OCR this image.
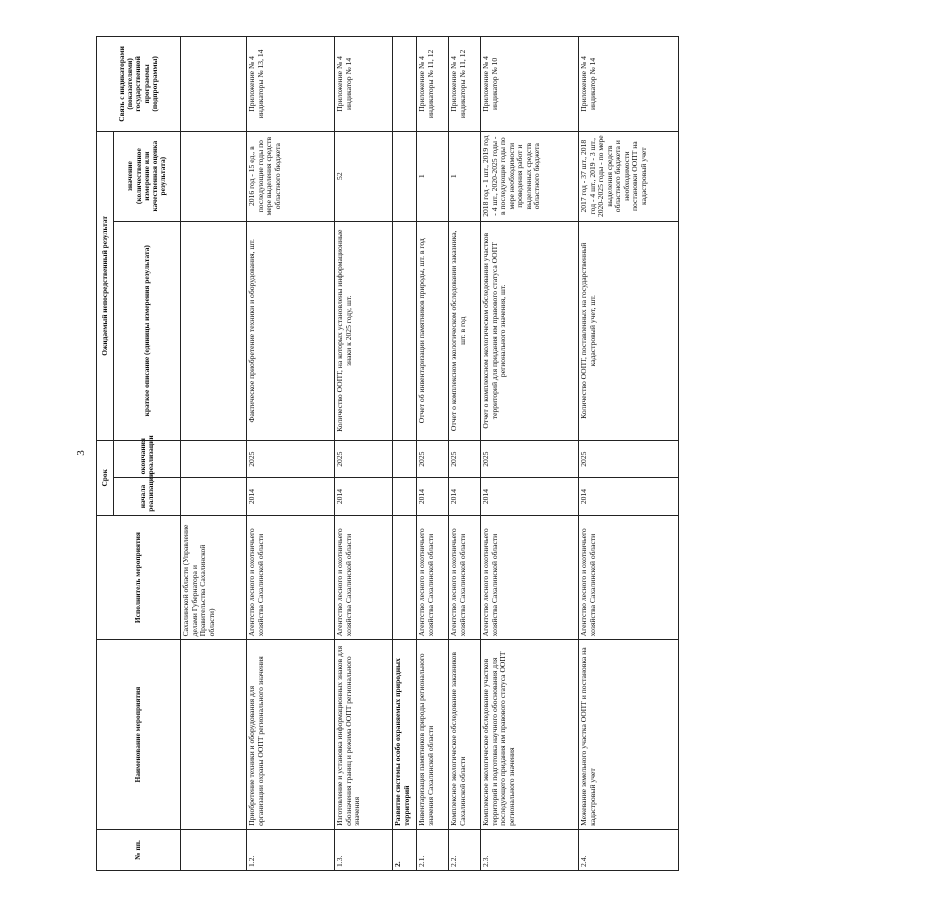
3
№ пп.	Наименование мероприятия	Исполнитель мероприятия	Срок		Ожидаемый непосредственный результат		Связь с индикаторами (показателями) государственной программы (подпрограммы)
			начала реализации	окончания реализации	краткое описание (единицы измерения результата)	значение (количественное измерение или качественная оценка результата)	
		Сахалинской области (Управление делами Губернатора и Правительства Сахалинской области)					
1.2.	Приобретение техники и оборудования для организации охраны ООПТ регионального значения	Агентство лесного и охотничьего хозяйства Сахалинской области	2014	2025	Фактическое приобретение техники и оборудования, шт.	2016 год - 15 ед., в последующие годы по мере выделения средств областного бюджета	Приложение № 4 индикаторы № 13, 14
1.3.	Изготовление и установка информационных знаков для обозначения границ и режима ООПТ регионального значения	Агентство лесного и охотничьего хозяйства Сахалинской области	2014	2025	Количество ООПТ, на которых установлены информационные знаки к 2025 году, шт.	52	Приложение № 4 индикатор № 14
2.	Развитие системы особо охраняемых природных территорий						
2.1.	Инвентаризация памятников природы регионального значения Сахалинской области	Агентство лесного и охотничьего хозяйства Сахалинской области	2014	2025	Отчет об инвентаризации памятников природы, шт. в год	1	Приложение № 4 индикаторы № 11, 12
2.2.	Комплексное экологическое обследование заказников Сахалинской области	Агентство лесного и охотничьего хозяйства Сахалинской области	2014	2025	Отчет о комплексном экологическом обследовании заказника, шт. в год	1	Приложение № 4 индикаторы № 11, 12
2.3.	Комплексное экологическое обследование участков территорий и подготовка научного обоснования для последующего придания им правового статуса ООПТ регионального значения	Агентство лесного и охотничьего хозяйства Сахалинской области	2014	2025	Отчет о комплексном экологическом обследовании участков территорий для придания им правового статуса ООПТ регионального значения, шт.	2018 год - 1 шт., 2019 год - 4 шт., 2020-2025 годы - в последующие годы по мере необходимости проведения работ и выделенных средств областного бюджета	Приложение № 4 индикатор № 10
2.4.	Межевание земельного участка ООПТ и постановка на кадастровый учет	Агентство лесного и охотничьего хозяйства Сахалинской области	2014	2025	Количество ООПТ, поставленных на государственный кадастровый учет, шт.	2017 год - 37 шт., 2018 год - 4 шт., 2019 - 3 шт., 2020-2025 годы - по мере выделения средств областного бюджета и необходимости постановки ООПТ на кадастровый учет	Приложение № 4 индикатор № 14
